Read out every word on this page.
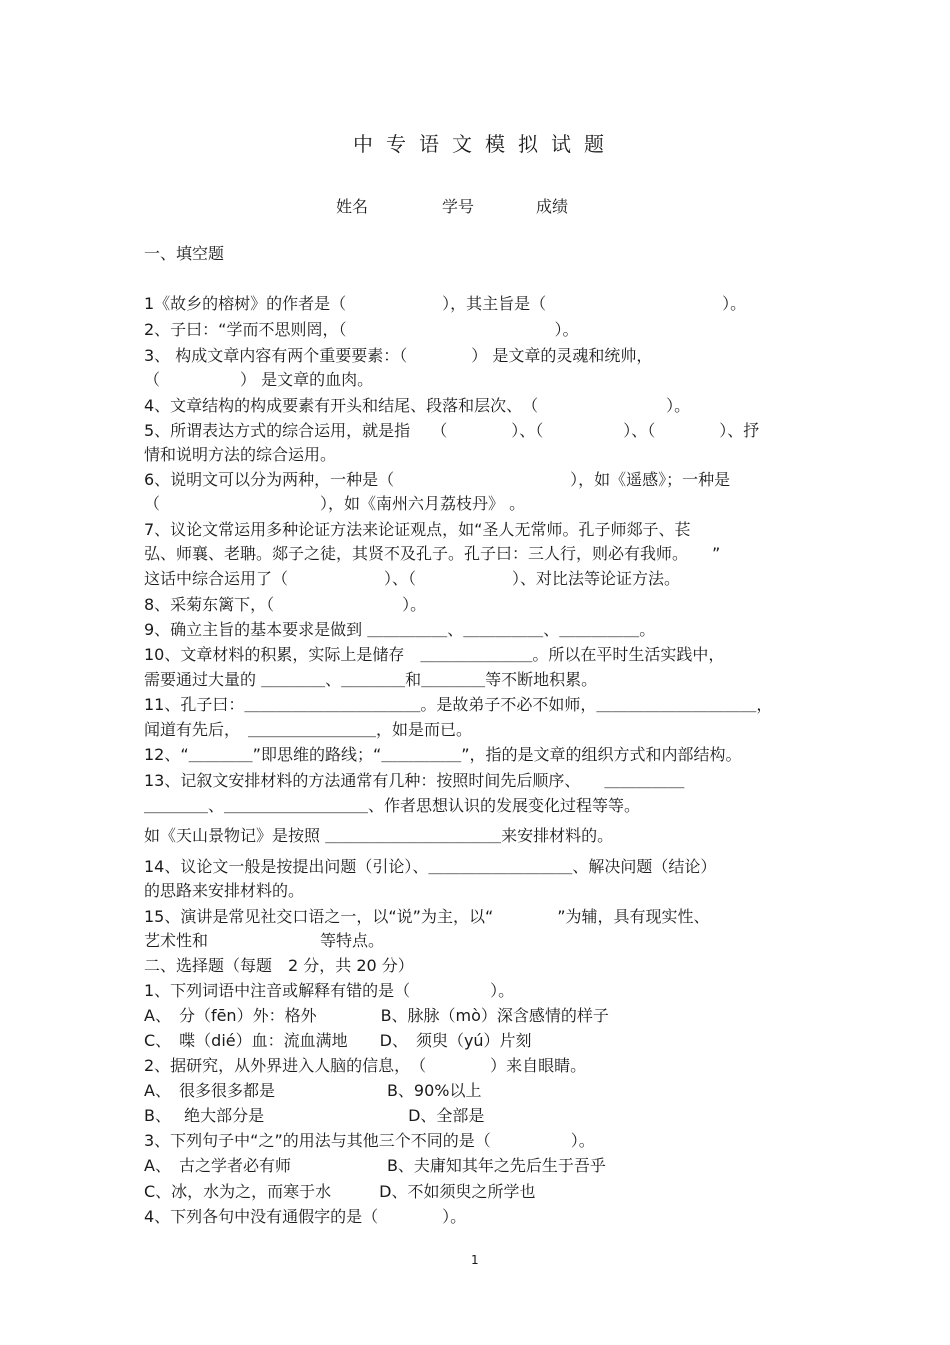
中专语文模拟试题
姓名	学号	成绩
一、填空题
1《故乡的榕树》的作者是（　　　　　　），其主旨是（　　　　　　　　　　　）。
2、子曰：“学而不思则罔，（　　　　　　　　　　　　　）。
3、 构成文章内容有两个重要要素：（　　　　） 是文章的灵魂和统帅，
（　　　　　） 是文章的血肉。
4、文章结构的构成要素有开头和结尾、段落和层次、　（　　　　　　　　）。
5、所谓表达方式的综合运用，就是指　 （　　　　）、（　　　　　）、（　　　　）、抒
情和说明方法的综合运用。
6、说明文可以分为两种，一种是（　　　　　　　　　　　），如《遥感》；一种是
（　　　　　　　　　　），如《南州六月荔枝丹》 。
7、议论文常运用多种论证方法来论证观点，如“圣人无常师。孔子师郯子、苌
弘、师襄、老聃。郯子之徒，其贤不及孔子。孔子曰：三人行，则必有我师。　　”
这话中综合运用了（　　　　　　）、（　　　　　　）、对比法等论证方法。
8、采菊东篱下，（　　　　　　　　）。
9、确立主旨的基本要求是做到 ＿＿＿＿＿、＿＿＿＿＿、＿＿＿＿＿。
10、文章材料的积累，实际上是储存　＿＿＿＿＿＿＿。所以在平时生活实践中，
需要通过大量的 ＿＿＿＿、＿＿＿＿和＿＿＿＿等不断地积累。
11、孔子曰：＿＿＿＿＿＿＿＿＿＿＿。是故弟子不必不如师，＿＿＿＿＿＿＿＿＿＿，
闻道有先后，　＿＿＿＿＿＿＿＿，如是而已。
12、“＿＿＿＿”即思维的路线；“＿＿＿＿＿”，指的是文章的组织方式和内部结构。
13、记叙文安排材料的方法通常有几种：按照时间先后顺序、　　＿＿＿＿＿
＿＿＿＿、＿＿＿＿＿＿＿＿＿、作者思想认识的发展变化过程等等。
如《天山景物记》是按照 ＿＿＿＿＿＿＿＿＿＿＿来安排材料的。
14、议论文一般是按提出问题（引论）、＿＿＿＿＿＿＿＿＿、解决问题（结论）
的思路来安排材料的。
15、演讲是常见社交口语之一，以“说”为主，以“　　　　”为辅，具有现实性、
艺术性和　　　　　　　等特点。
二、选择题（每题　2 分，共 20 分）
1、下列词语中注音或解释有错的是（　　　　　）。
A、　分（fēn）外：格外　　　　B、脉脉（mò）深含感情的样子
C、　喋（dié）血：流血满地　　D、　须臾（yú）片刻
2、据研究，从外界进入人脑的信息，　（　　　　）来自眼睛。
A、　很多很多都是　　　　　　　B、90%以上
B、　 绝大部分是　　　　　　　　　D、全部是
3、下列句子中“之”的用法与其他三个不同的是（　　　　　）。
A、　古之学者必有师　　　　　　B、夫庸知其年之先后生于吾乎
C、冰，水为之，而寒于水　　　D、不如须臾之所学也
4、下列各句中没有通假字的是（　　　　）。
1
